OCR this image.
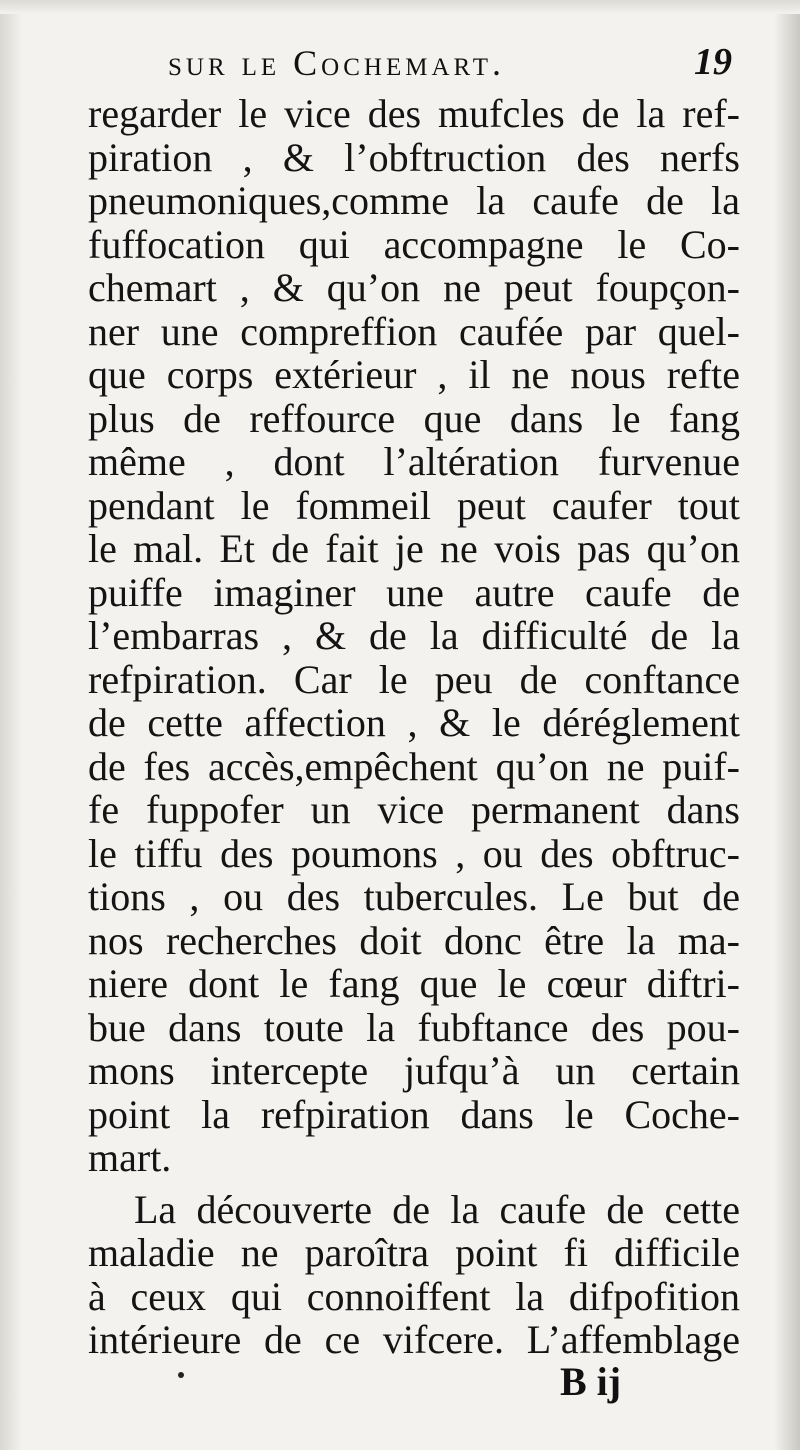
sur le Cochemart.	19
regarder le vice des mufcles de la ref-
piration , & l’obftruction des nerfs
pneumoniques,comme la caufe de la
fuffocation qui accompagne le Co-
chemart , & qu’on ne peut foupçon-
ner une compreffion caufée par quel-
que corps extérieur , il ne nous refte
plus de reffource que dans le fang
même , dont l’altération furvenue
pendant le fommeil peut caufer tout
le mal. Et de fait je ne vois pas qu’on
puiffe imaginer une autre caufe de
l’embarras , & de la difficulté de la
refpiration. Car le peu de conftance
de cette affection , & le déréglement
de fes accès,empêchent qu’on ne puif-
fe fuppofer un vice permanent dans
le tiffu des poumons , ou des obftruc-
tions , ou des tubercules. Le but de
nos recherches doit donc être la ma-
niere dont le fang que le cœur diftri-
bue dans toute la fubftance des pou-
mons intercepte jufqu’à un certain
point la refpiration dans le Coche-
mart.
La découverte de la caufe de cette
maladie ne paroîtra point fi difficile
à ceux qui connoiffent la difpofition
intérieure de ce vifcere. L’affemblage
B ij
